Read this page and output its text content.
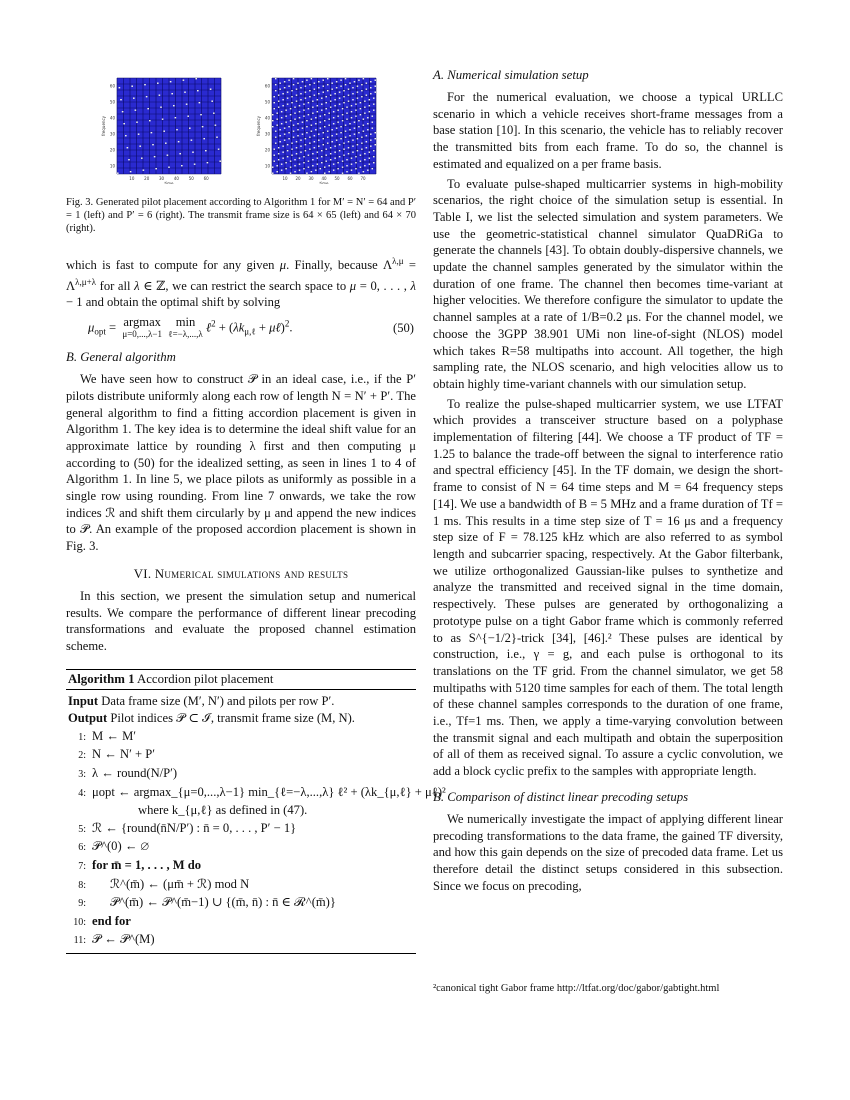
10 20 30 40 50 60
60
50
40
30
20
10
time
frequency
10 20 30 40 50 60 70
60
50
40
30
20
10
time
frequency
Fig. 3. Generated pilot placement according to Algorithm 1 for M′ = N′ = 64 and P′ = 1 (left) and P′ = 6 (right). The transmit frame size is 64 × 65 (left) and 64 × 70 (right).

which is fast to compute for any given μ. Finally, because $\Lambda^{\lambda,\mu} = \Lambda^{\lambda,\mu+\lambda}$ for all λ ∈ ℤ, we can restrict the search space to μ = 0, . . . , λ − 1 and obtain the optimal shift by solving

$\mu_{opt} = argmax$
μ=0,...,λ−1  min
ℓ=−λ,...,λ ℓ$^2$ + ($\lambda k_{\mu,\ell}$ + μℓ)$^2$.	(50)
B. General algorithm

We have seen how to construct 𝒫 in an ideal case, i.e., if the P′ pilots distribute uniformly along each row of length N = N′ + P′. The general algorithm to find a fitting accordion placement is given in Algorithm 1. The key idea is to determine the ideal shift value for an approximate lattice by rounding λ first and then computing μ according to (50) for the idealized setting, as seen in lines 1 to 4 of Algorithm 1. In line 5, we place pilots as uniformly as possible in a single row using rounding. From line 7 onwards, we take the row indices ℛ and shift them circularly by μ and append the new indices to 𝒫. An example of the proposed accordion placement is shown in Fig. 3.

VI. Numerical simulations and results

In this section, we present the simulation setup and numerical results. We compare the performance of different linear precoding transformations and evaluate the proposed channel estimation scheme.

Algorithm 1 Accordion pilot placement
Input Data frame size (M′, N′) and pilots per row P′.
Output Pilot indices 𝒫 ⊂ ℐ, transmit frame size (M, N).
1: M ← M′
2: N ← N′ + P′
3: λ ← round(N/P′)
4: μopt ← argmax_{μ=0,...,λ−1} min_{ℓ=−λ,...,λ} ℓ² + (λk_{μ,ℓ} + μℓ)²
where k_{μ,ℓ} as defined in (47).
5: ℛ ← {round(n̄N/P′) : n̄ = 0, . . . , P′ − 1}
6: 𝒫^(0) ← ∅
7: for m̄ = 1, . . . , M do
8: ℛ^(m̄) ← (μm̄ + ℛ) mod N
9: 𝒫^(m̄) ← 𝒫^(m̄−1) ∪ {(m̄, n̄) : n̄ ∈ ℛ^(m̄)}
10: end for
11: 𝒫 ← 𝒫^(M)
A. Numerical simulation setup

For the numerical evaluation, we choose a typical URLLC scenario in which a vehicle receives short-frame messages from a base station [10]. In this scenario, the vehicle has to reliably recover the transmitted bits from each frame. To do so, the channel is estimated and equalized on a per frame basis.

To evaluate pulse-shaped multicarrier systems in high-mobility scenarios, the right choice of the simulation setup is essential. In Table I, we list the selected simulation and system parameters. We use the geometric-statistical channel simulator QuaDRiGa to generate the channels [43]. To obtain doubly-dispersive channels, we update the channel samples generated by the simulator within the duration of one frame. The channel then becomes time-variant at higher velocities. We therefore configure the simulator to update the channel samples at a rate of 1/B=0.2 μs. For the channel model, we choose the 3GPP 38.901 UMi non line-of-sight (NLOS) model which takes R=58 multipaths into account. All together, the high sampling rate, the NLOS scenario, and high velocities allow us to obtain highly time-variant channels with our simulation setup.

To realize the pulse-shaped multicarrier system, we use LTFAT which provides a transceiver structure based on a polyphase implementation of filtering [44]. We choose a TF product of TF = 1.25 to balance the trade-off between the signal to interference ratio and spectral efficiency [45]. In the TF domain, we design the short-frame to consist of N = 64 time steps and M = 64 frequency steps [14]. We use a bandwidth of B = 5 MHz and a frame duration of Tf = 1 ms. This results in a time step size of T = 16 μs and a frequency step size of F = 78.125 kHz which are also referred to as symbol length and subcarrier spacing, respectively. At the Gabor filterbank, we utilize orthogonalized Gaussian-like pulses to synthetize and analyze the transmitted and received signal in the time domain, respectively. These pulses are generated by orthogonalizing a prototype pulse on a tight Gabor frame which is commonly referred to as S^{−1/2}-trick [34], [46].² These pulses are identical by construction, i.e., γ = g, and each pulse is orthogonal to its translations on the TF grid. From the channel simulator, we get 58 multipaths with 5120 time samples for each of them. The total length of these channel samples corresponds to the duration of one frame, i.e., Tf=1 ms. Then, we apply a time-varying convolution between the transmit signal and each multipath and obtain the superposition of all of them as received signal. To assure a cyclic convolution, we add a block cyclic prefix to the samples with appropriate length.

B. Comparison of distinct linear precoding setups

We numerically investigate the impact of applying different linear precoding transformations to the data frame, the gained TF diversity, and how this gain depends on the size of precoded data frame. Let us therefore detail the distinct setups considered in this subsection. Since we focus on precoding,

²canonical tight Gabor frame http://ltfat.org/doc/gabor/gabtight.html
